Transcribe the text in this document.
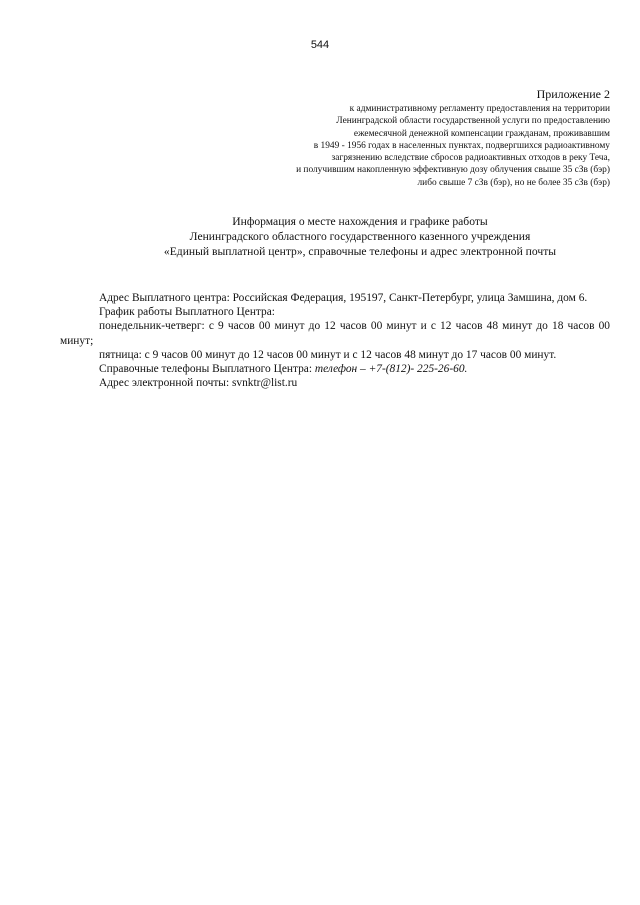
544
Приложение 2
к административному регламенту предоставления на территории
Ленинградской области государственной услуги по предоставлению
ежемесячной денежной компенсации гражданам, проживавшим
в 1949 - 1956 годах в населенных пунктах, подвергшихся радиоактивному
загрязнению вследствие сбросов радиоактивных отходов в реку Теча,
и получившим накопленную эффективную дозу облучения свыше 35 сЗв (бэр)
либо свыше 7 сЗв (бэр), но не более 35 сЗв (бэр)
Информация о месте нахождения и графике работы
Ленинградского областного государственного казенного учреждения
«Единый выплатной центр», справочные телефоны и адрес электронной почты

Адрес Выплатного центра: Российская Федерация, 195197, Санкт-Петербург, улица Замшина, дом 6.

График работы Выплатного Центра:

понедельник-четверг: с 9 часов 00 минут до 12 часов 00 минут и с 12 часов 48 минут до 18 часов 00 минут;

пятница: с 9 часов 00 минут до 12 часов 00 минут и с 12 часов 48 минут до 17 часов 00 минут.

Справочные телефоны Выплатного Центра: телефон – +7-(812)- 225-26-60.

Адрес электронной почты: svnktr@list.ru
